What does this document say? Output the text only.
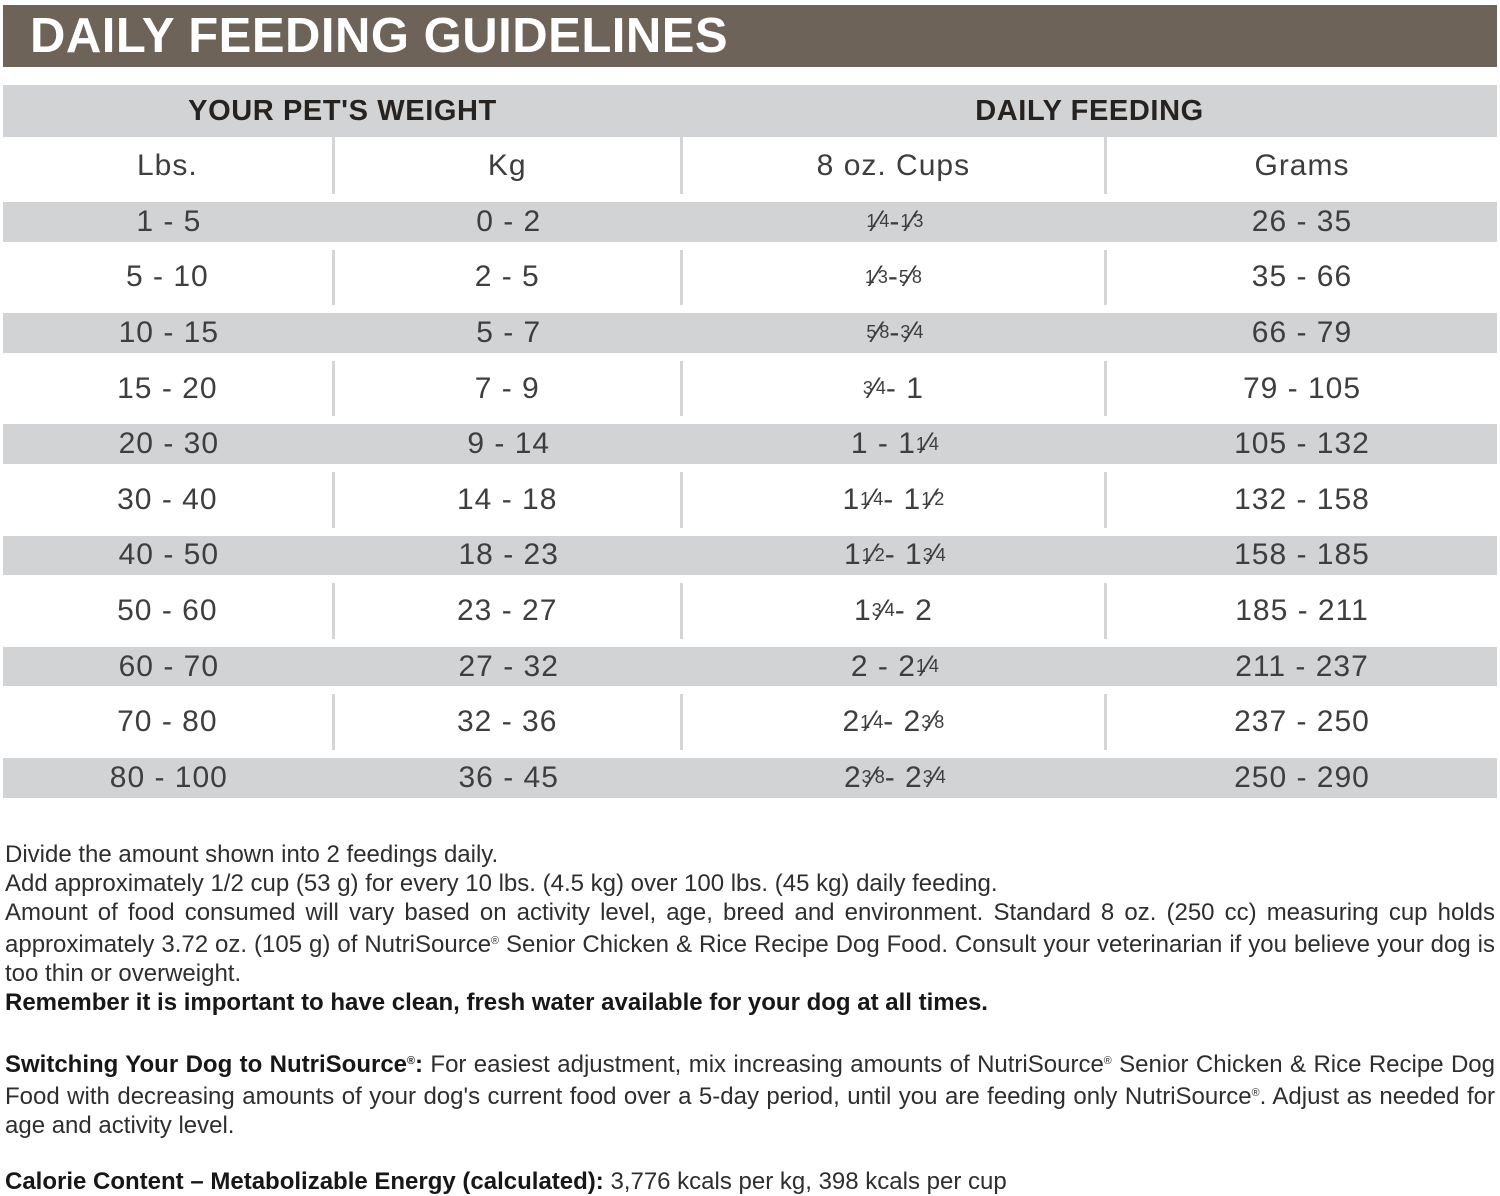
DAILY FEEDING GUIDELINES
YOUR PET'S WEIGHT	DAILY FEEDING
Lbs.	Kg	8 oz. Cups	Grams
1 - 5	0 - 2	1 ⁄ 4 - 1 ⁄ 3	26 - 35
5 - 10	2 - 5	1 ⁄ 3 - 5 ⁄ 8	35 - 66
10 - 15	5 - 7	5 ⁄ 8 - 3 ⁄ 4	66 - 79
15 - 20	7 - 9	3 ⁄ 4 - 1	79 - 105
20 - 30	9 - 14	1 - 1 1 ⁄ 4	105 - 132
30 - 40	14 - 18	1 1 ⁄ 4 - 1 1 ⁄ 2	132 - 158
40 - 50	18 - 23	1 1 ⁄ 2 - 1 3 ⁄ 4	158 - 185
50 - 60	23 - 27	1 3 ⁄ 4 - 2	185 - 211
60 - 70	27 - 32	2 - 2 1 ⁄ 4	211 - 237
70 - 80	32 - 36	2 1 ⁄ 4 - 2 3 ⁄ 8	237 - 250
80 - 100	36 - 45	2 3 ⁄ 8 - 2 3 ⁄ 4	250 - 290

Divide the amount shown into 2 feedings daily.

Add approximately 1/2 cup (53 g) for every 10 lbs. (4.5 kg) over 100 lbs. (45 kg) daily feeding.

Amount of food consumed will vary based on activity level, age, breed and environment. Standard 8 oz. (250 cc) measuring cup holds approximately 3.72 oz. (105 g) of NutriSource® Senior Chicken & Rice Recipe Dog Food. Consult your veterinarian if you believe your dog is too thin or overweight.

Remember it is important to have clean, fresh water available for your dog at all times.

Switching Your Dog to NutriSource®: For easiest adjustment, mix increasing amounts of NutriSource® Senior Chicken & Rice Recipe Dog Food with decreasing amounts of your dog's current food over a 5-day period, until you are feeding only NutriSource®. Adjust as needed for age and activity level.

Calorie Content – Metabolizable Energy (calculated): 3,776 kcals per kg, 398 kcals per cup
